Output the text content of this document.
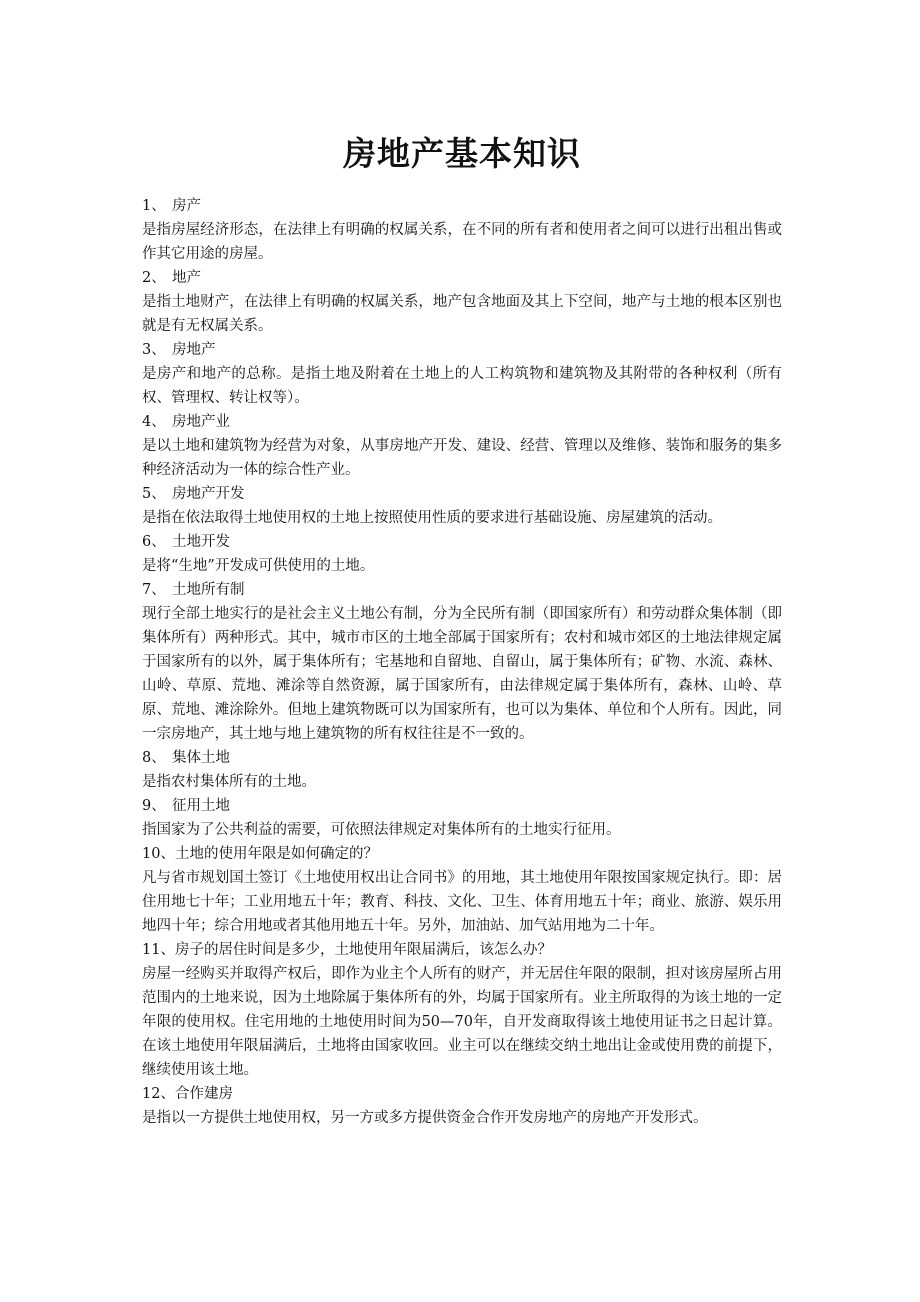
房地产基本知识
1、 房产

是指房屋经济形态，在法律上有明确的权属关系，在不同的所有者和使用者之间可以进行出租出售或作其它用途的房屋。

2、 地产

是指土地财产，在法律上有明确的权属关系，地产包含地面及其上下空间，地产与土地的根本区别也就是有无权属关系。

3、 房地产

是房产和地产的总称。是指土地及附着在土地上的人工构筑物和建筑物及其附带的各种权利（所有权、管理权、转让权等）。

4、 房地产业

是以土地和建筑物为经营为对象，从事房地产开发、建设、经营、管理以及维修、装饰和服务的集多种经济活动为一体的综合性产业。

5、 房地产开发

是指在依法取得土地使用权的土地上按照使用性质的要求进行基础设施、房屋建筑的活动。

6、 土地开发

是将“生地”开发成可供使用的土地。

7、 土地所有制

现行全部土地实行的是社会主义土地公有制，分为全民所有制（即国家所有）和劳动群众集体制（即集体所有）两种形式。其中，城市市区的土地全部属于国家所有；农村和城市郊区的土地法律规定属于国家所有的以外，属于集体所有；宅基地和自留地、自留山，属于集体所有；矿物、水流、森林、山岭、草原、荒地、滩涂等自然资源，属于国家所有，由法律规定属于集体所有，森林、山岭、草原、荒地、滩涂除外。但地上建筑物既可以为国家所有，也可以为集体、单位和个人所有。因此，同一宗房地产，其土地与地上建筑物的所有权往往是不一致的。

8、 集体土地

是指农村集体所有的土地。

9、 征用土地

指国家为了公共利益的需要，可依照法律规定对集体所有的土地实行征用。

10、土地的使用年限是如何确定的？

凡与省市规划国土签订《土地使用权出让合同书》的用地，其土地使用年限按国家规定执行。即：居住用地七十年；工业用地五十年；教育、科技、文化、卫生、体育用地五十年；商业、旅游、娱乐用地四十年；综合用地或者其他用地五十年。另外，加油站、加气站用地为二十年。

11、房子的居住时间是多少，土地使用年限届满后，该怎么办？

房屋一经购买并取得产权后，即作为业主个人所有的财产，并无居住年限的限制，担对该房屋所占用范围内的土地来说，因为土地除属于集体所有的外，均属于国家所有。业主所取得的为该土地的一定年限的使用权。住宅用地的土地使用时间为50—70年，自开发商取得该土地使用证书之日起计算。在该土地使用年限届满后，土地将由国家收回。业主可以在继续交纳土地出让金或使用费的前提下，继续使用该土地。

12、合作建房

是指以一方提供土地使用权，另一方或多方提供资金合作开发房地产的房地产开发形式。
